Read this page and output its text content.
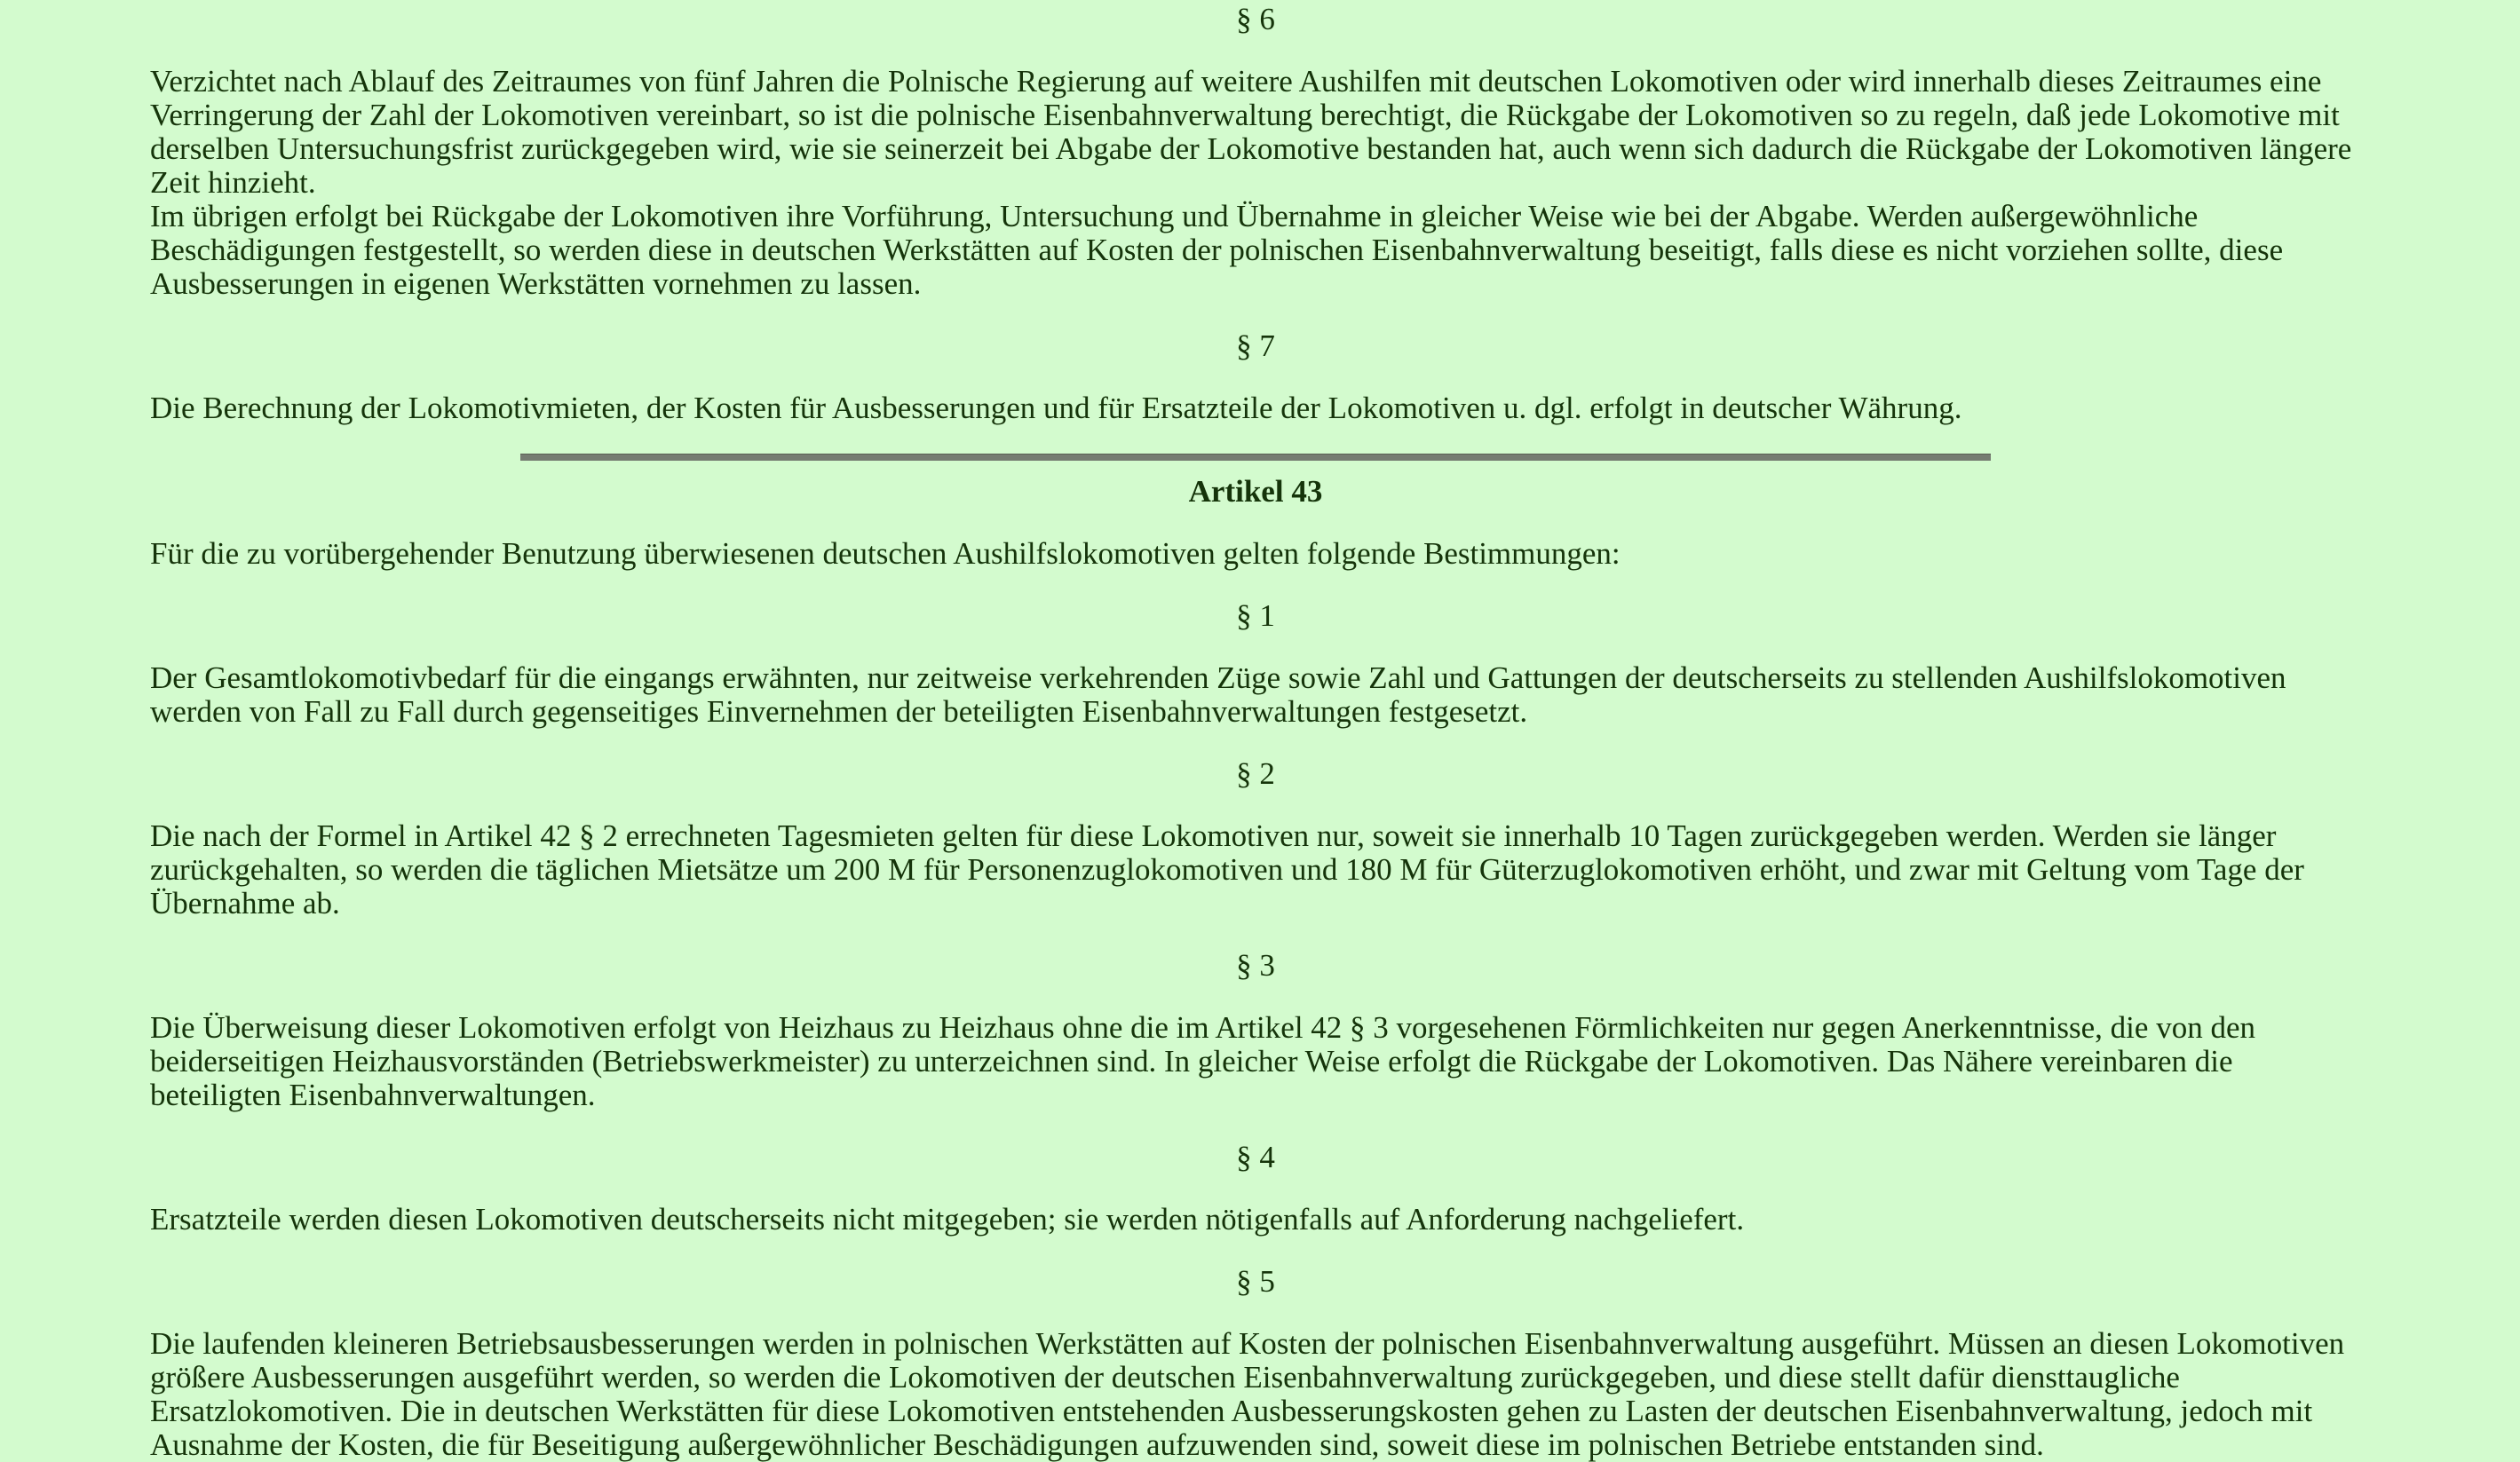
§ 6

Verzichtet nach Ablauf des Zeitraumes von fünf Jahren die Polnische Regierung auf weitere Aushilfen mit deutschen Lokomotiven oder wird innerhalb dieses Zeitraumes eine Verringerung der Zahl der Lokomotiven vereinbart, so ist die polnische Eisenbahnverwaltung berechtigt, die Rückgabe der Lokomotiven so zu regeln, daß jede Lokomotive mit derselben Untersuchungsfrist zurückgegeben wird, wie sie seinerzeit bei Abgabe der Lokomotive bestanden hat, auch wenn sich dadurch die Rückgabe der Lokomotiven längere Zeit hinzieht.
Im übrigen erfolgt bei Rückgabe der Lokomotiven ihre Vorführung, Untersuchung und Übernahme in gleicher Weise wie bei der Abgabe. Werden außergewöhnliche Beschädigungen festgestellt, so werden diese in deutschen Werkstätten auf Kosten der polnischen Eisenbahnverwaltung beseitigt, falls diese es nicht vorziehen sollte, diese Ausbesserungen in eigenen Werkstätten vornehmen zu lassen.

§ 7

Die Berechnung der Lokomotivmieten, der Kosten für Ausbesserungen und für Ersatzteile der Lokomotiven u. dgl. erfolgt in deutscher Währung.

Artikel 43

Für die zu vorübergehender Benutzung überwiesenen deutschen Aushilfslokomotiven gelten folgende Bestimmungen:

§ 1

Der Gesamtlokomotivbedarf für die eingangs erwähnten, nur zeitweise verkehrenden Züge sowie Zahl und Gattungen der deutscherseits zu stellenden Aushilfslokomotiven werden von Fall zu Fall durch gegenseitiges Einvernehmen der beteiligten Eisenbahnverwaltungen festgesetzt.

§ 2

Die nach der Formel in Artikel 42 § 2 errechneten Tagesmieten gelten für diese Lokomotiven nur, soweit sie innerhalb 10 Tagen zurückgegeben werden. Werden sie länger zurückgehalten, so werden die täglichen Mietsätze um 200 M für Personenzuglokomotiven und 180 M für Güterzuglokomotiven erhöht, und zwar mit Geltung vom Tage der Übernahme ab.

§ 3

Die Überweisung dieser Lokomotiven erfolgt von Heizhaus zu Heizhaus ohne die im Artikel 42 § 3 vorgesehenen Förmlichkeiten nur gegen Anerkenntnisse, die von den beiderseitigen Heizhausvorständen (Betriebswerkmeister) zu unterzeichnen sind. In gleicher Weise erfolgt die Rückgabe der Lokomotiven. Das Nähere vereinbaren die beteiligten Eisenbahnverwaltungen.

§ 4

Ersatzteile werden diesen Lokomotiven deutscherseits nicht mitgegeben; sie werden nötigenfalls auf Anforderung nachgeliefert.

§ 5

Die laufenden kleineren Betriebsausbesserungen werden in polnischen Werkstätten auf Kosten der polnischen Eisenbahnverwaltung ausgeführt. Müssen an diesen Lokomotiven größere Ausbesserungen ausgeführt werden, so werden die Lokomotiven der deutschen Eisenbahnverwaltung zurückgegeben, und diese stellt dafür diensttaugliche Ersatzlokomotiven. Die in deutschen Werkstätten für diese Lokomotiven entstehenden Ausbesserungskosten gehen zu Lasten der deutschen Eisenbahnverwaltung, jedoch mit Ausnahme der Kosten, die für Beseitigung außergewöhnlicher Beschädigungen aufzuwenden sind, soweit diese im polnischen Betriebe entstanden sind.
